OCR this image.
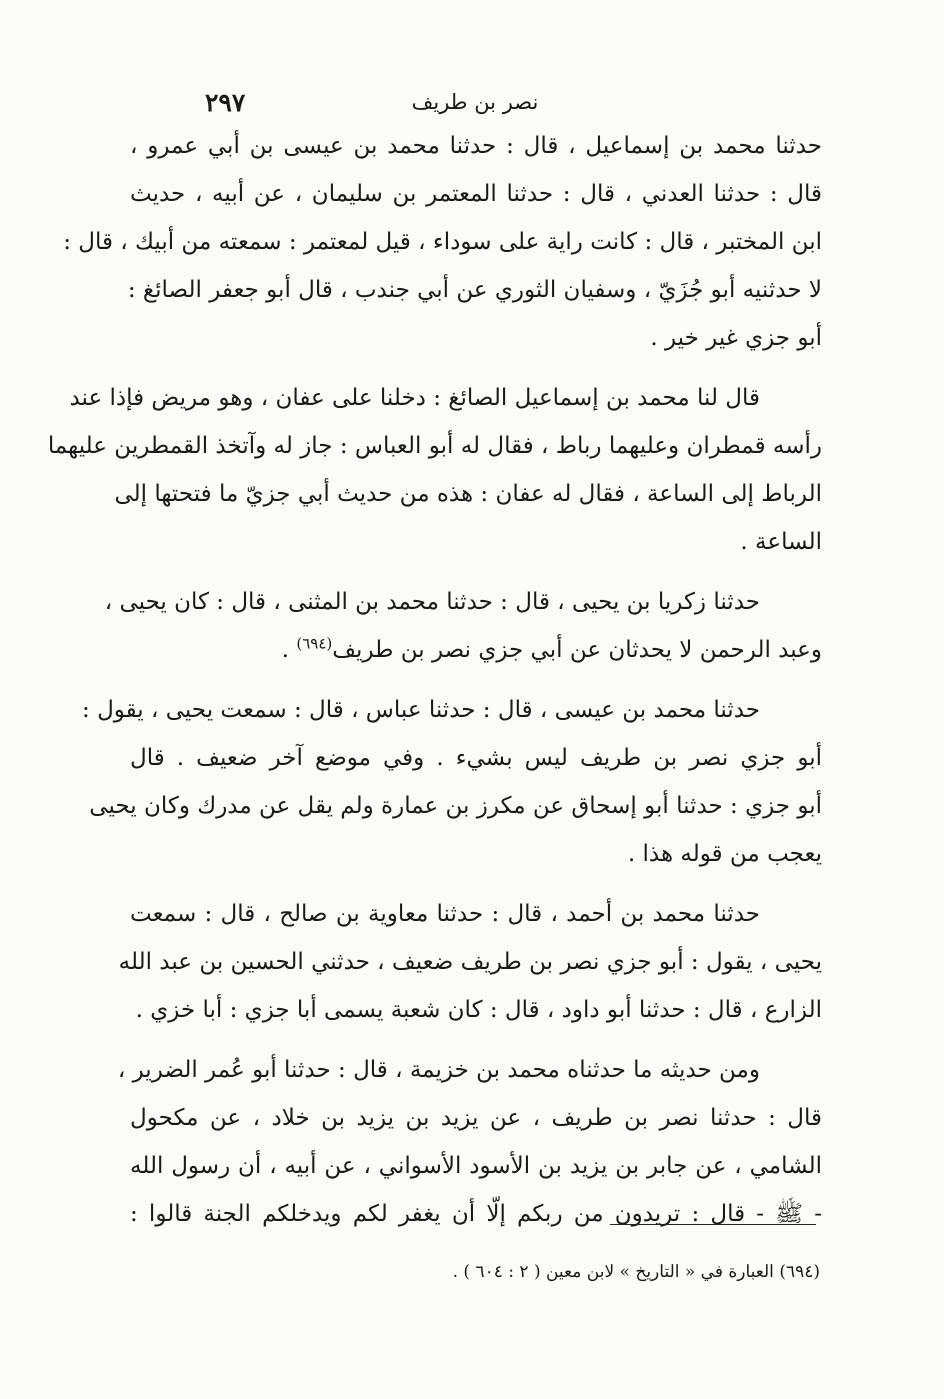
٢٩٧	نصر بن طريف
حدثنا محمد بن إسماعيل ، قال : حدثنا محمد بن عيسى بن أبي عمرو ،
قال : حدثنا العدني ، قال : حدثنا المعتمر بن سليمان ، عن أبيه ، حديث
ابن المختبر ، قال : كانت راية على سوداء ، قيل لمعتمر : سمعته من أبيك ، قال :
لا حدثنيه أبو جُزَيّ ، وسفيان الثوري عن أبي جندب ، قال أبو جعفر الصائغ :
أبو جزي غير خير .
قال لنا محمد بن إسماعيل الصائغ : دخلنا على عفان ، وهو مريض فإذا عند
رأسه قمطران وعليهما رباط ، فقال له أبو العباس : جاز له وآتخذ القمطرين عليهما
الرباط إلى الساعة ، فقال له عفان : هذه من حديث أبي جزيّ ما فتحتها إلى
الساعة .
حدثنا زكريا بن يحيى ، قال : حدثنا محمد بن المثنى ، قال : كان يحيى ،
وعبد الرحمن لا يحدثان عن أبي جزي نصر بن طريف$^{(٦٩٤)}$ .
حدثنا محمد بن عيسى ، قال : حدثنا عباس ، قال : سمعت يحيى ، يقول :
أبو جزي نصر بن طريف ليس بشيء . وفي موضع آخر ضعيف . قال
أبو جزي : حدثنا أبو إسحاق عن مكرز بن عمارة ولم يقل عن مدرك وكان يحيى
يعجب من قوله هذا .
حدثنا محمد بن أحمد ، قال : حدثنا معاوية بن صالح ، قال : سمعت
يحيى ، يقول : أبو جزي نصر بن طريف ضعيف ، حدثني الحسين بن عبد الله
الزارع ، قال : حدثنا أبو داود ، قال : كان شعبة يسمى أبا جزي : أبا خزي .
ومن حديثه ما حدثناه محمد بن خزيمة ، قال : حدثنا أبو عُمر الضرير ،
قال : حدثنا نصر بن طريف ، عن يزيد بن يزيد بن خلاد ، عن مكحول
الشامي ، عن جابر بن يزيد بن الأسود الأسواني ، عن أبيه ، أن رسول الله
- ﷺ - قال : تريدون من ربكم إلّا أن يغفر لكم ويدخلكم الجنة قالوا :
(٦٩٤) العبارة في « التاريخ » لابن معين ( ٢ : ٦٠٤ ) .
